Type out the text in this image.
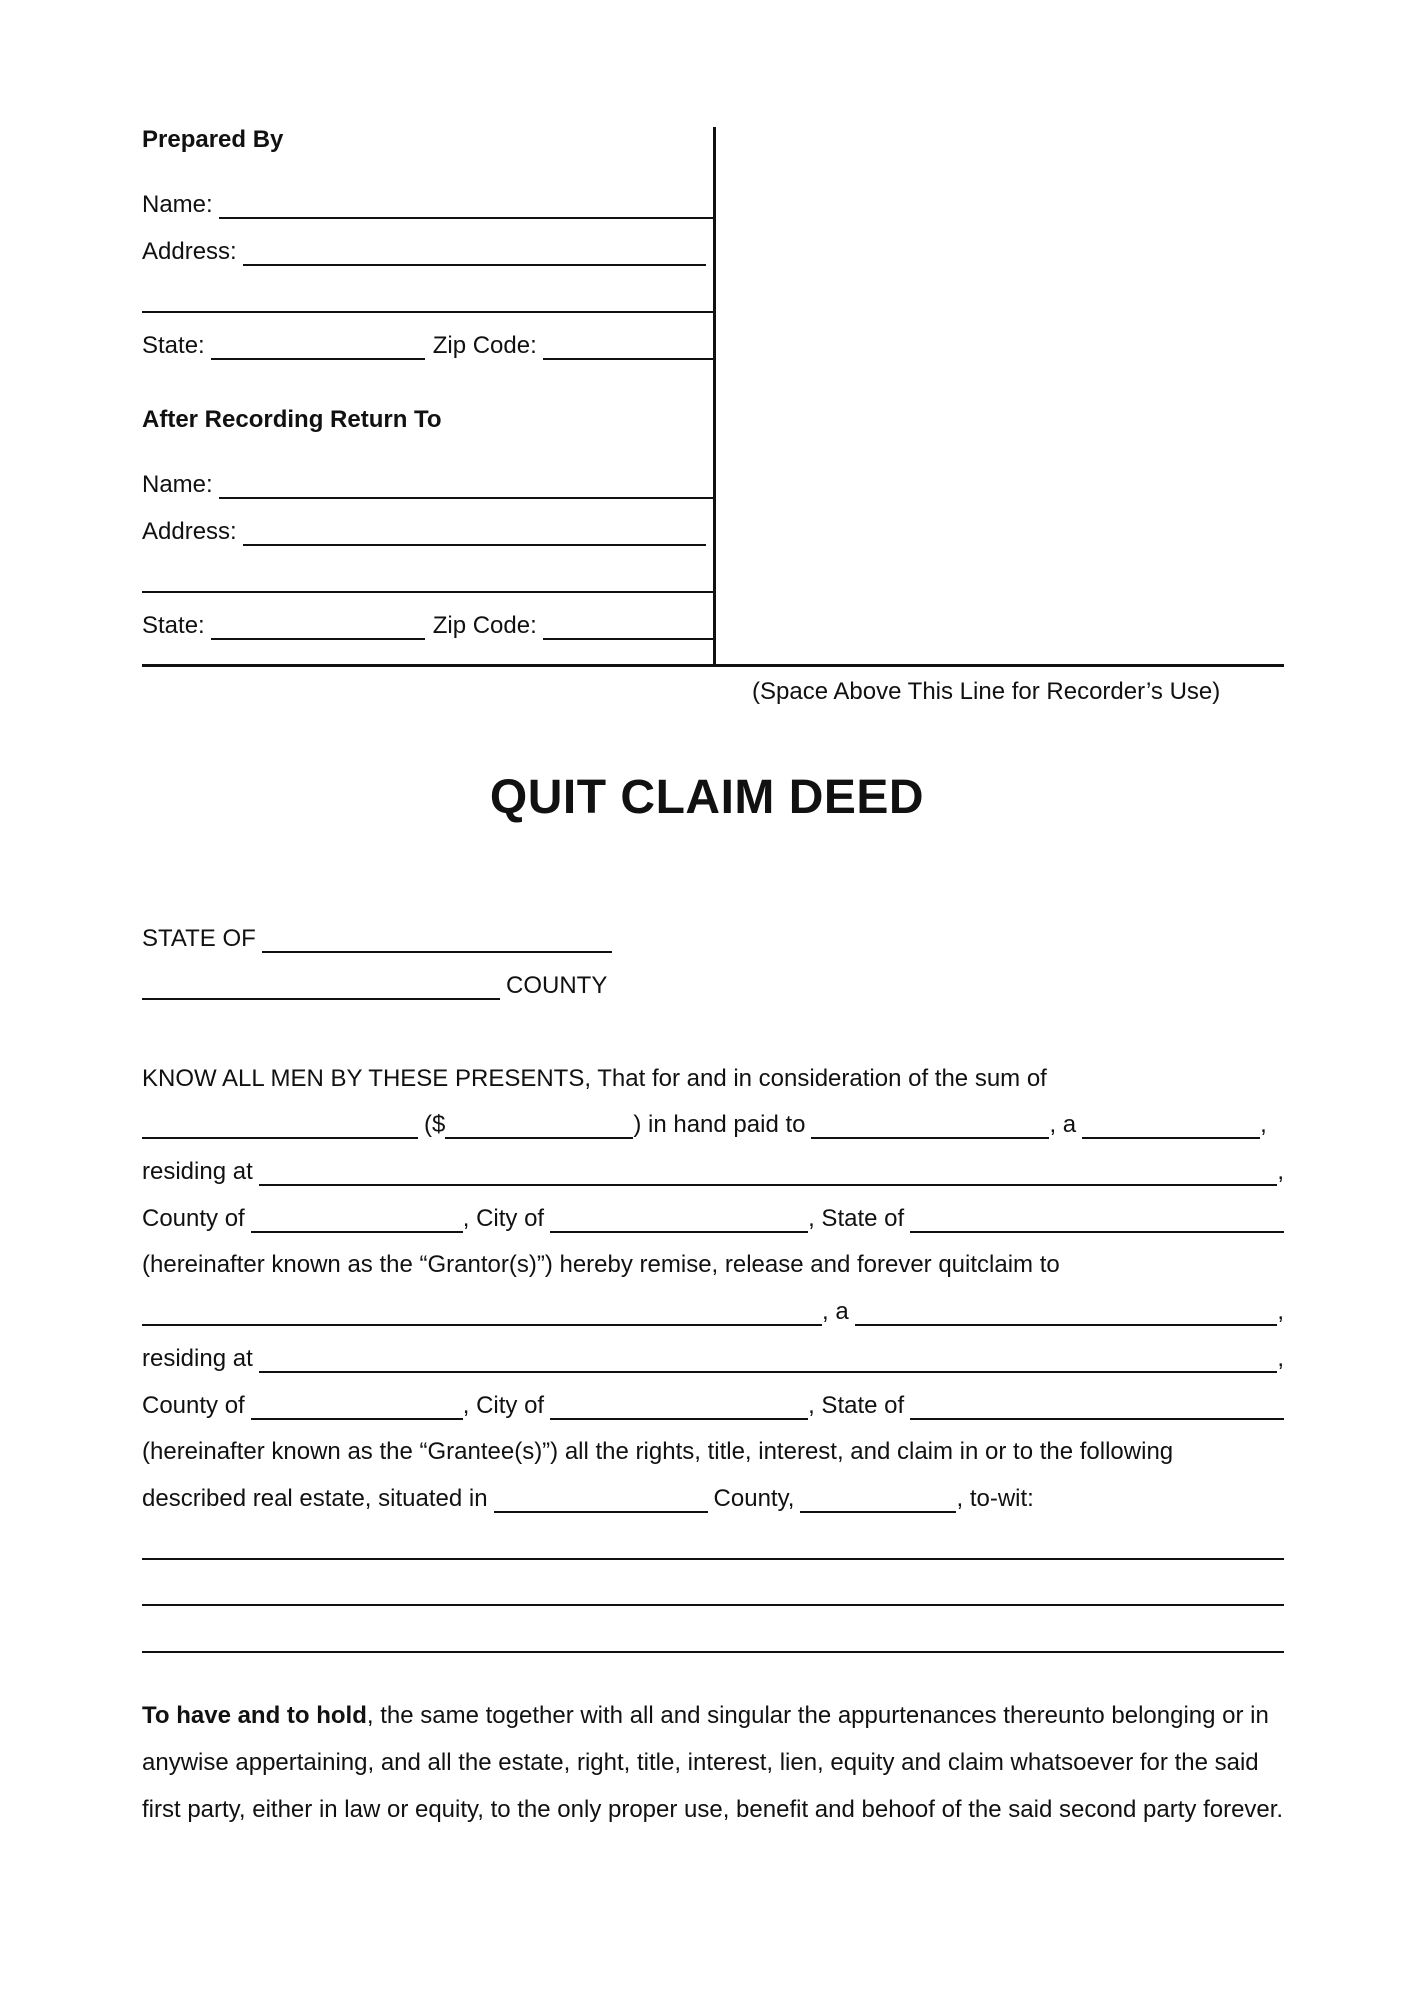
Prepared By
Name:
Address:
State:	Zip Code:
After Recording Return To
Name:
Address:
State:	Zip Code:
(Space Above This Line for Recorder’s Use)
QUIT CLAIM DEED
STATE OF
COUNTY
KNOW ALL MEN BY THESE PRESENTS, That for and in consideration of the sum of
($	) in hand paid to	, a	,
residing at	,
County of	, City of	, State of
(hereinafter known as the “Grantor(s)”) hereby remise, release and forever quitclaim to
, a	,
residing at	,
County of	, City of	, State of
(hereinafter known as the “Grantee(s)”) all the rights, title, interest, and claim in or to the following
described real estate, situated in	County,	, to-wit:
To have and to hold, the same together with all and singular the appurtenances thereunto belonging or in anywise appertaining, and all the estate, right, title, interest, lien, equity and claim whatsoever for the said first party, either in law or equity, to the only proper use, benefit and behoof of the said second party forever.
